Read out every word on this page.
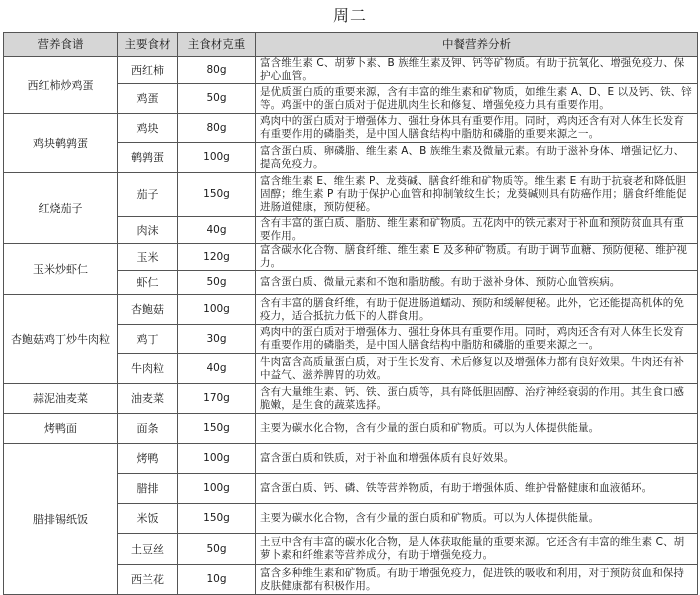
周二
营养食谱	主要食材	主食材克重	中餐营养分析
西红柿炒鸡蛋	西红柿	80g	富含维生素 C、胡萝卜素、B 族维生素及钾、钙等矿物质。有助于抗氧化、增强免疫力、保护心血管。
	鸡蛋	50g	是优质蛋白质的重要来源，含有丰富的维生素和矿物质，如维生素 A、D、E 以及钙、铁、锌等。鸡蛋中的蛋白质对于促进肌肉生长和修复、增强免疫力具有重要作用。
鸡块鹌鹑蛋	鸡块	80g	鸡肉中的蛋白质对于增强体力、强壮身体具有重要作用。同时，鸡肉还含有对人体生长发育有重要作用的磷脂类，是中国人膳食结构中脂肪和磷脂的重要来源之一。
	鹌鹑蛋	100g	富含蛋白质、卵磷脂、维生素 A、B 族维生素及微量元素。有助于滋补身体、增强记忆力、提高免疫力。
红烧茄子	茄子	150g	富含维生素 E、维生素 P、龙葵碱、膳食纤维和矿物质等。维生素 E 有助于抗衰老和降低胆固醇；维生素 P 有助于保护心血管和抑制皱纹生长；龙葵碱则具有防癌作用；膳食纤维能促进肠道健康，预防便秘。
	肉沫	40g	含有丰富的蛋白质、脂肪、维生素和矿物质。五花肉中的铁元素对于补血和预防贫血具有重要作用。
玉米炒虾仁	玉米	120g	富含碳水化合物、膳食纤维、维生素 E 及多种矿物质。有助于调节血糖、预防便秘、维护视力。
	虾仁	50g	富含蛋白质、微量元素和不饱和脂肪酸。有助于滋补身体、预防心血管疾病。
杏鲍菇鸡丁炒牛肉粒	杏鲍菇	100g	含有丰富的膳食纤维，有助于促进肠道蠕动、预防和缓解便秘。此外，它还能提高机体的免疫力，适合抵抗力低下的人群食用。
	鸡丁	30g	鸡肉中的蛋白质对于增强体力、强壮身体具有重要作用。同时，鸡肉还含有对人体生长发育有重要作用的磷脂类，是中国人膳食结构中脂肪和磷脂的重要来源之一。
	牛肉粒	40g	牛肉富含高质量蛋白质，对于生长发育、术后修复以及增强体力都有良好效果。牛肉还有补中益气、滋养脾胃的功效。
蒜泥油麦菜	油麦菜	170g	含有大量维生素、钙、铁、蛋白质等，具有降低胆固醇、治疗神经衰弱的作用。其生食口感脆嫩，是生食的蔬菜选择。
烤鸭面	面条	150g	主要为碳水化合物，含有少量的蛋白质和矿物质。可以为人体提供能量。
腊排锡纸饭	烤鸭	100g	富含蛋白质和铁质，对于补血和增强体质有良好效果。
	腊排	100g	富含蛋白质、钙、磷、铁等营养物质，有助于增强体质、维护骨骼健康和血液循环。
	米饭	150g	主要为碳水化合物，含有少量的蛋白质和矿物质。可以为人体提供能量。
	土豆丝	50g	土豆中含有丰富的碳水化合物，是人体获取能量的重要来源。它还含有丰富的维生素 C、胡萝卜素和纤维素等营养成分，有助于增强免疫力。
	西兰花	10g	富含多种维生素和矿物质。有助于增强免疫力，促进铁的吸收和利用，对于预防贫血和保持皮肤健康都有积极作用。
